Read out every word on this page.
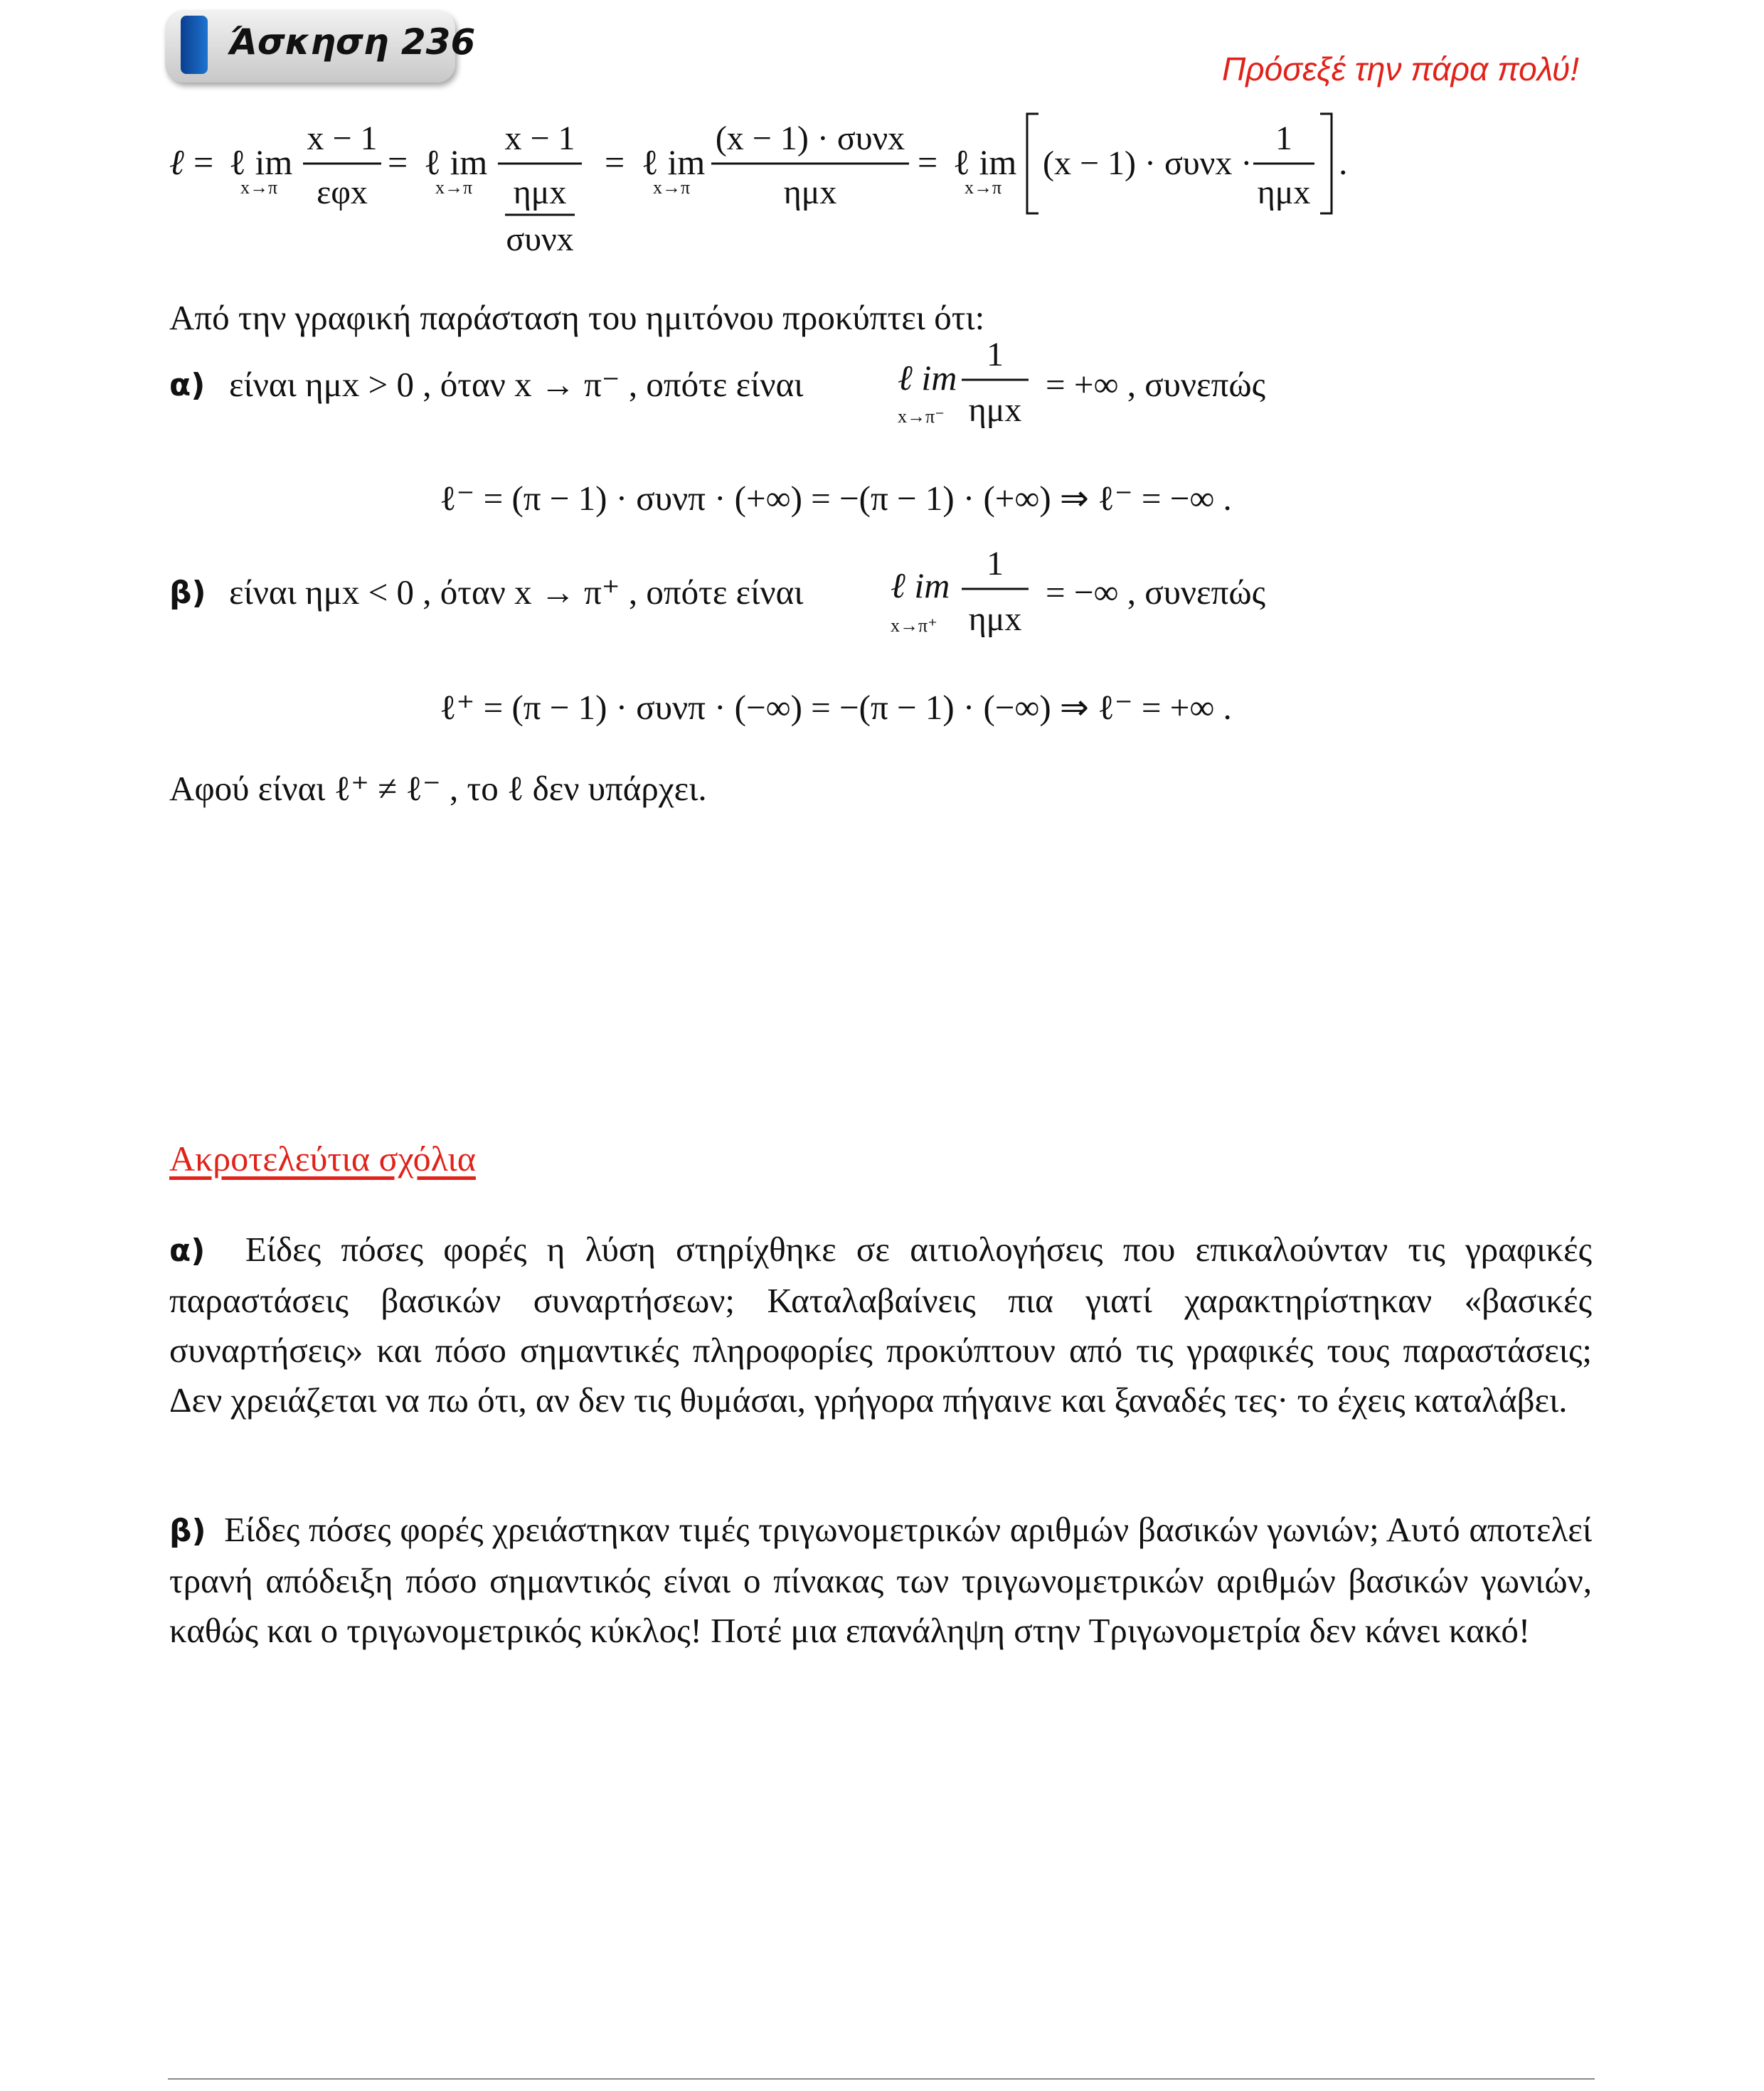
Άσκηση 236
Πρόσεξέ την πάρα πολύ!
ℓ = ℓ im
x→π
x − 1
εφx
= ℓ im
x→π
x − 1
ημx
συνx
= ℓ im
x→π
(x − 1) · συνx
ημx
= ℓ im
x→π
(x − 1) · συνx ·
1
ημx
.
ℓ im
x→π⁻
1
ημx
ℓ im
x→π⁺
1
ημx
Από την γραφική παράσταση του ημιτόνου προκύπτει ότι:
α) είναι ημx > 0 , όταν x → π⁻ , οπότε είναι	= +∞ , συνεπώς
ℓ⁻ = (π − 1) · συνπ · (+∞) = −(π − 1) · (+∞) ⇒ ℓ⁻ = −∞ .
β) είναι ημx < 0 , όταν x → π⁺ , οπότε είναι	= −∞ , συνεπώς
ℓ⁺ = (π − 1) · συνπ · (−∞) = −(π − 1) · (−∞) ⇒ ℓ⁻ = +∞ .
Αφού είναι ℓ⁺ ≠ ℓ⁻ , το ℓ δεν υπάρχει.
Ακροτελεύτια σχόλια
α) Είδες πόσες φορές η λύση στηρίχθηκε σε αιτιολογήσεις που επικαλούνταν τις γραφικές παραστάσεις βασικών συναρτήσεων; Καταλαβαίνεις πια γιατί χαρακτηρίστηκαν «βασικές συναρτήσεις» και πόσο σημαντικές πληροφορίες προκύπτουν από τις γραφικές τους παραστάσεις; Δεν χρειάζεται να πω ότι, αν δεν τις θυμάσαι, γρήγορα πήγαινε και ξαναδές τες· το έχεις καταλάβει.
β) Είδες πόσες φορές χρειάστηκαν τιμές τριγωνομετρικών αριθμών βασικών γωνιών; Αυτό αποτελεί τρανή απόδειξη πόσο σημαντικός είναι ο πίνακας των τριγωνομετρικών αριθμών βασικών γωνιών, καθώς και ο τριγωνομετρικός κύκλος! Ποτέ μια επανάληψη στην Τριγωνομετρία δεν κάνει κακό!
